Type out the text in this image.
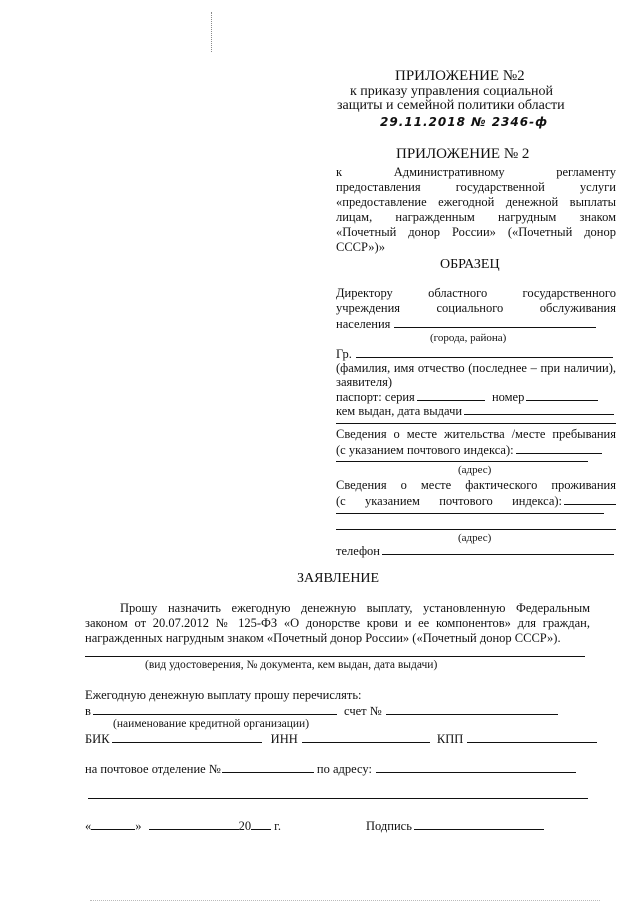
ПРИЛОЖЕНИЕ №2
к приказу управления социальной
защиты и семейной политики области
29.11.2018 № 2346-ф
ПРИЛОЖЕНИЕ № 2
к Административному регламенту
предоставления государственной услуги
«предоставление ежегодной денежной выплаты
лицам, награжденным нагрудным знаком
«Почетный донор России» («Почетный донор
СССР»)»
ОБРАЗЕЦ
Директору областного государственного
учреждения социального обслуживания
населения
(города, района)
Гр.
(фамилия, имя отчество (последнее – при наличии),
заявителя)
паспорт: серия	номер
кем выдан, дата выдачи
Сведения о месте жительства /месте пребывания
(с указанием почтового индекса):
(адрес)
Сведения о месте фактического проживания
(с указанием почтового индекса):
(адрес)
телефон
ЗАЯВЛЕНИЕ
Прошу назначить ежегодную денежную выплату, установленную Федеральным
законом от 20.07.2012 № 125-ФЗ «О донорстве крови и ее компонентов» для граждан,
награжденных нагрудным знаком «Почетный донор России» («Почетный донор СССР»).
(вид удостоверения, № документа, кем выдан, дата выдачи)
Ежегодную денежную выплату прошу перечислять:
в	счет №
(наименование кредитной организации)
БИК	ИНН	КПП
на почтовое отделение №	по адресу:
«	»	20 г.	Подпись
